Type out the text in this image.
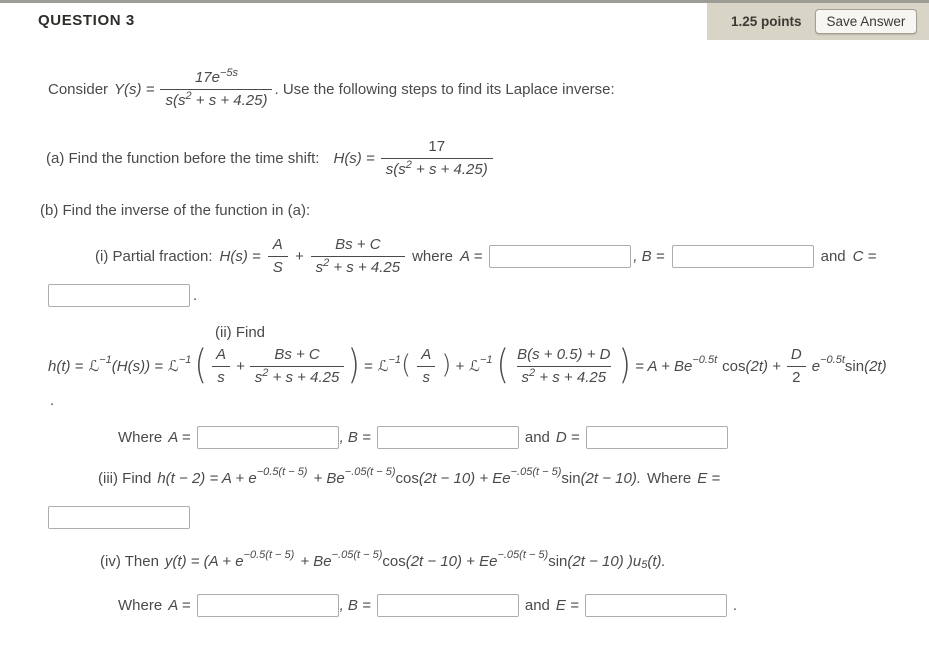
QUESTION 3	1.25 points	Save Answer
Consider $Y(s) = \frac{17e^{-5s}}{s(s^2 + s + 4.25)}$ . Use the following steps to find its Laplace inverse:
(a) Find the function before the time shift: $H(s) = \frac{17}{s(s^2 + s + 4.25)}$
(b) Find the inverse of the function in (a):
(i) Partial fraction: $H(s) = \frac{A}{S} + \frac{Bs + C}{s^2 + s + 4.25}$ where A =	, B =	and C =
.
(ii) Find
h(t) = ℒ −1 (H(s)) = ℒ −1 ( $\frac{A}{s} + \frac{Bs + C}{s^2 + s + 4.25}$ ) = ℒ −1 ( $\frac{A}{s}$ ) + ℒ −1 ( $\frac{B(s + 0.5) + D}{s^2 + s + 4.25}$ ) = A + Be −0.5t $\cos (2t) + \frac{D}{2}$ e −0.5t sin (2t)
.
Where A =	, B =	and D =
(iii) Find h(t − 2) = A + e −0.5(t − 5) + Be −.05(t − 5) cos (2t − 10) + Ee −.05(t − 5) sin (2t − 10). Where E =
(iv) Then y(t) = (A + e −0.5(t − 5) + Be −.05(t − 5) cos (2t − 10) + Ee −.05(t − 5) sin (2t − 10) )u 5 (t).
Where A =	, B =	and E =	.
